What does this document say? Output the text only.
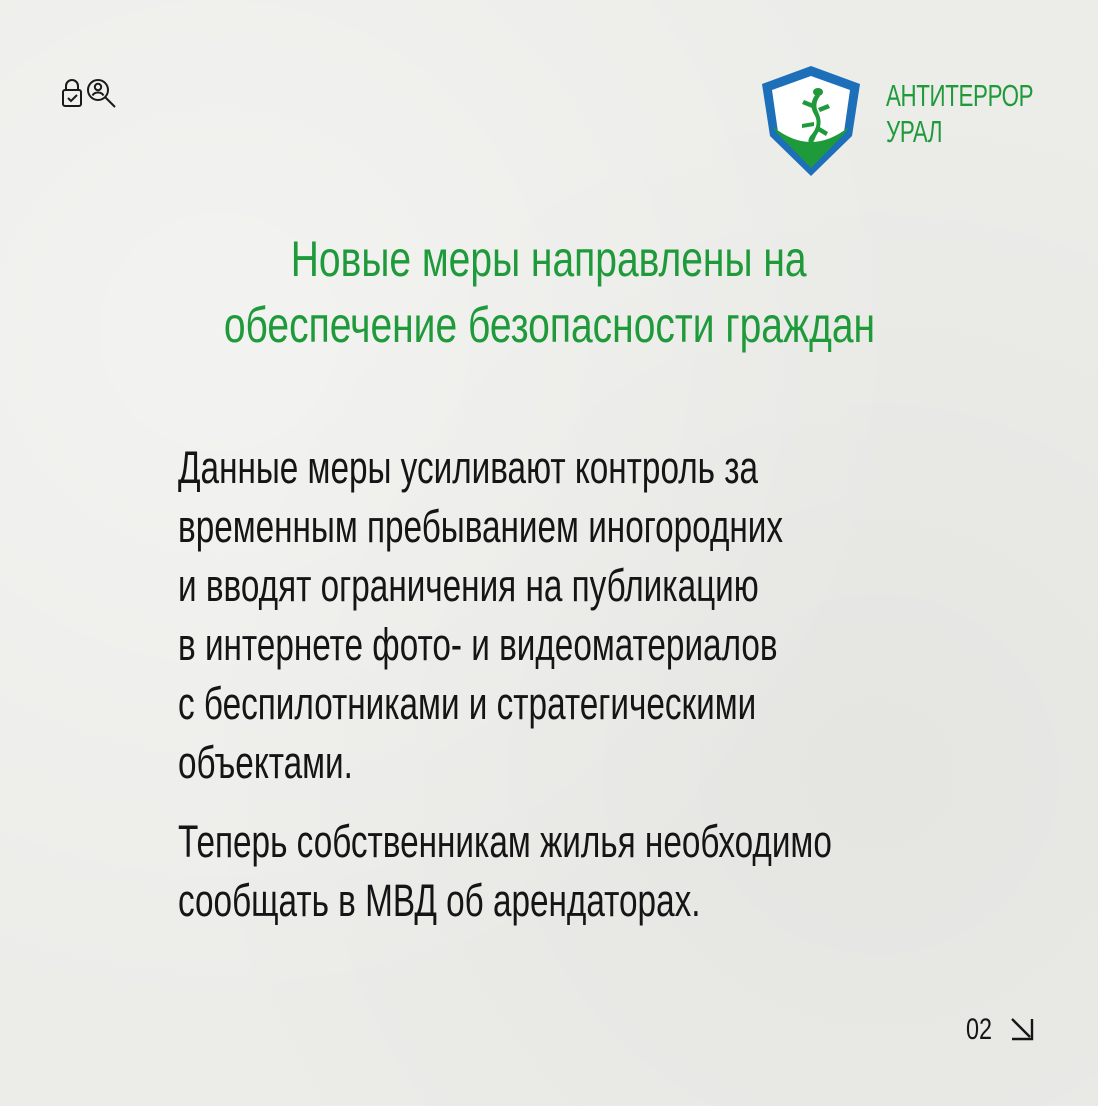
АНТИТЕРРОР
УРАЛ
Новые меры направлены на
обеспечение безопасности граждан
Данные меры усиливают контроль за
временным пребыванием иногородних
и вводят ограничения на публикацию
в интернете фото- и видеоматериалов
с беспилотниками и стратегическими
объектами.
Теперь собственникам жилья необходимо
сообщать в МВД об арендаторах.
02
